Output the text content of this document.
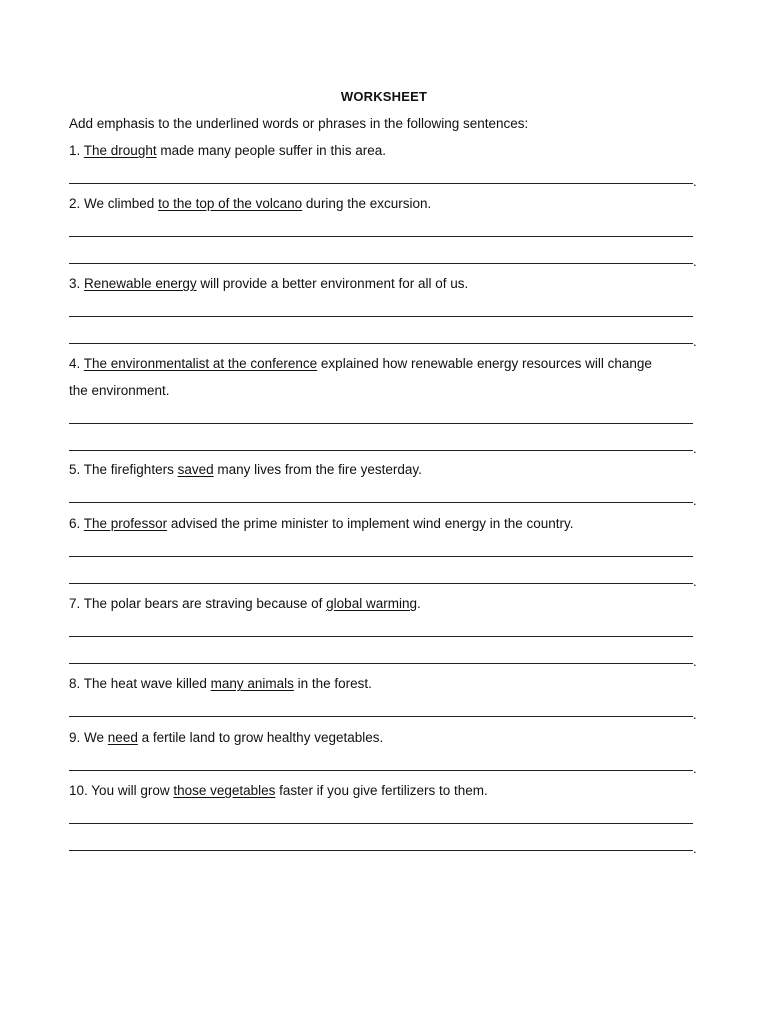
WORKSHEET
Add emphasis to the underlined words or phrases in the following sentences:
1. The drought made many people suffer in this area.
.
2. We climbed to the top of the volcano during the excursion.
.
3. Renewable energy will provide a better environment for all of us.
.
4. The environmentalist at the conference explained how renewable energy resources will change
the environment.
.
5. The firefighters saved many lives from the fire yesterday.
.
6. The professor advised the prime minister to implement wind energy in the country.
.
7. The polar bears are straving because of global warming.
.
8. The heat wave killed many animals in the forest.
.
9. We need a fertile land to grow healthy vegetables.
.
10. You will grow those vegetables faster if you give fertilizers to them.
.
